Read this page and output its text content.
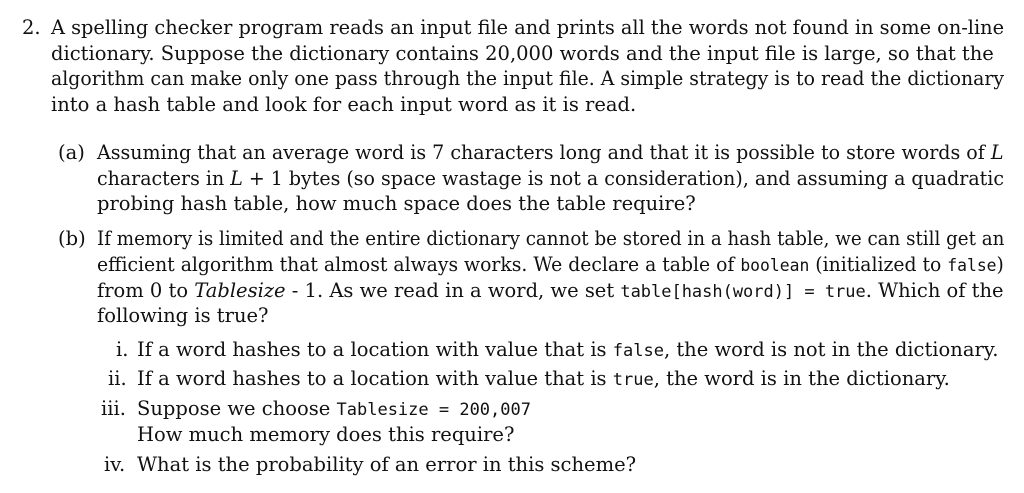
2. A spelling checker program reads an input file and prints all the words not found in some on-line
dictionary. Suppose the dictionary contains 20,000 words and the input file is large, so that the
algorithm can make only one pass through the input file. A simple strategy is to read the dictionary
into a hash table and look for each input word as it is read.
(a) Assuming that an average word is 7 characters long and that it is possible to store words of L
characters in L + 1 bytes (so space wastage is not a consideration), and assuming a quadratic
probing hash table, how much space does the table require?
(b) If memory is limited and the entire dictionary cannot be stored in a hash table, we can still get an
efficient algorithm that almost always works. We declare a table of boolean (initialized to false)
from 0 to Tablesize - 1. As we read in a word, we set table[hash(word)] = true. Which of the
following is true?
i. If a word hashes to a location with value that is false, the word is not in the dictionary.
ii. If a word hashes to a location with value that is true, the word is in the dictionary.
iii. Suppose we choose Tablesize = 200,007
How much memory does this require?
iv. What is the probability of an error in this scheme?
